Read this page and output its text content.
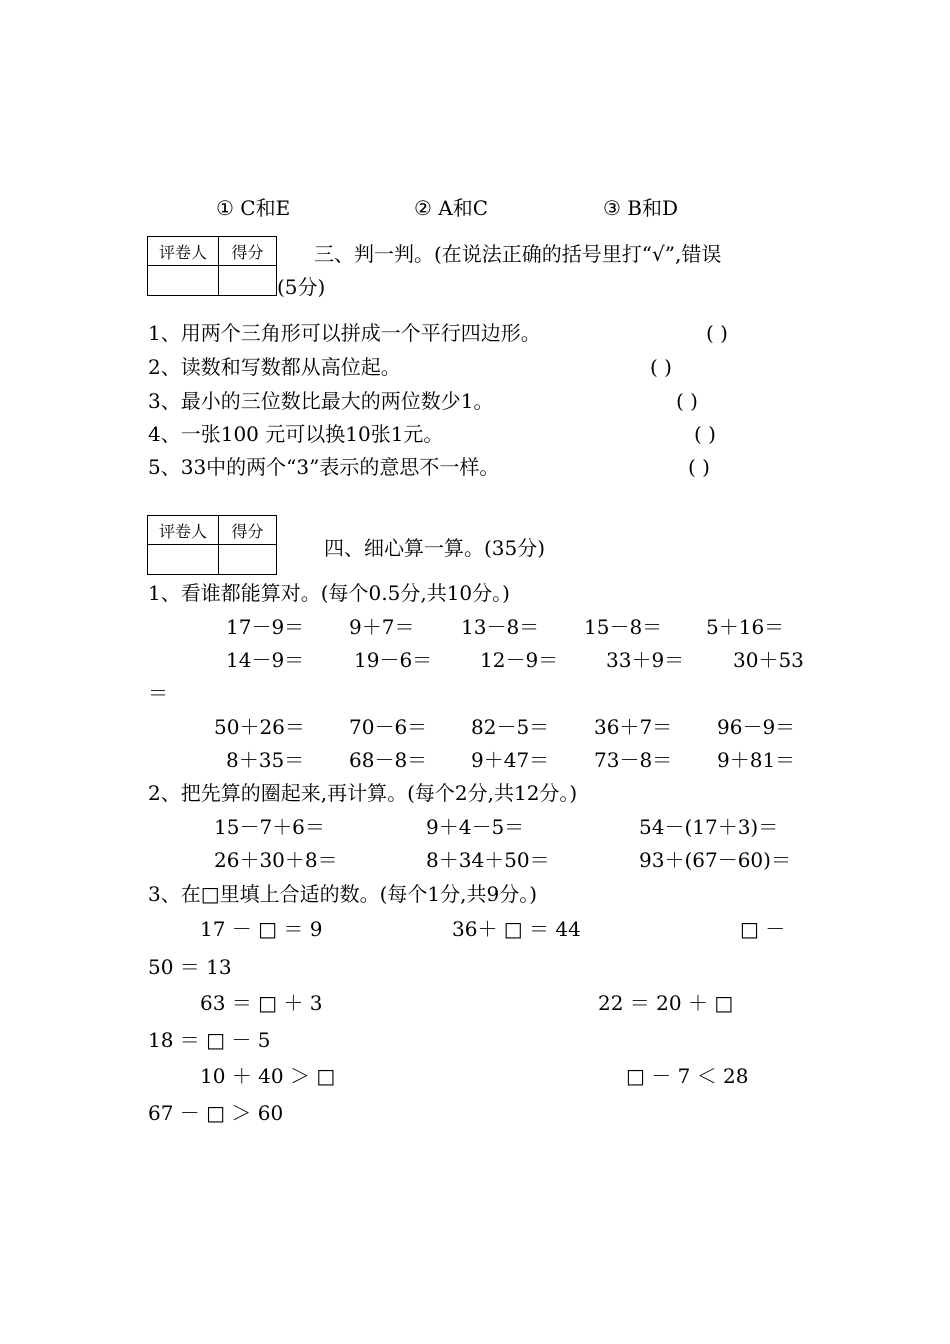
① C和E	② A和C	③ B和D
评卷人	得分
		三、判一判。(在说法正确的括号里打“√”,错误
(5分)
1、用两个三角形可以拼成一个平行四边形。	( )
2、读数和写数都从高位起。	( )
3、最小的三位数比最大的两位数少1。	( )
4、一张100 元可以换10张1元。	( )
5、33中的两个“3”表示的意思不一样。	( )
评卷人	得分

四、细心算一算。(35分)
1、看谁都能算对。(每个0.5分,共10分。)
17－9＝ 9＋7＝ 13－8＝ 15－8＝ 5＋16＝
14－9＝ 19－6＝ 12－9＝ 33＋9＝ 30＋53
＝
50＋26＝ 70－6＝ 82－5＝ 36＋7＝ 96－9＝
8＋35＝ 68－8＝ 9＋47＝ 73－8＝ 9＋81＝
2、把先算的圈起来,再计算。(每个2分,共12分。)
15－7＋6＝	9＋4－5＝	54－(17＋3)＝
26＋30＋8＝	8＋34＋50＝	93＋(67－60)＝
3、在□里填上合适的数。(每个1分,共9分。)
17 － □ ＝ 9	36＋ □ ＝ 44	□ －
50 ＝ 13
63 ＝ □ ＋ 3	22 ＝ 20 ＋ □
18 ＝ □ － 5
10 ＋ 40 ＞ □	□ － 7 ＜ 28
67 － □ ＞ 60
